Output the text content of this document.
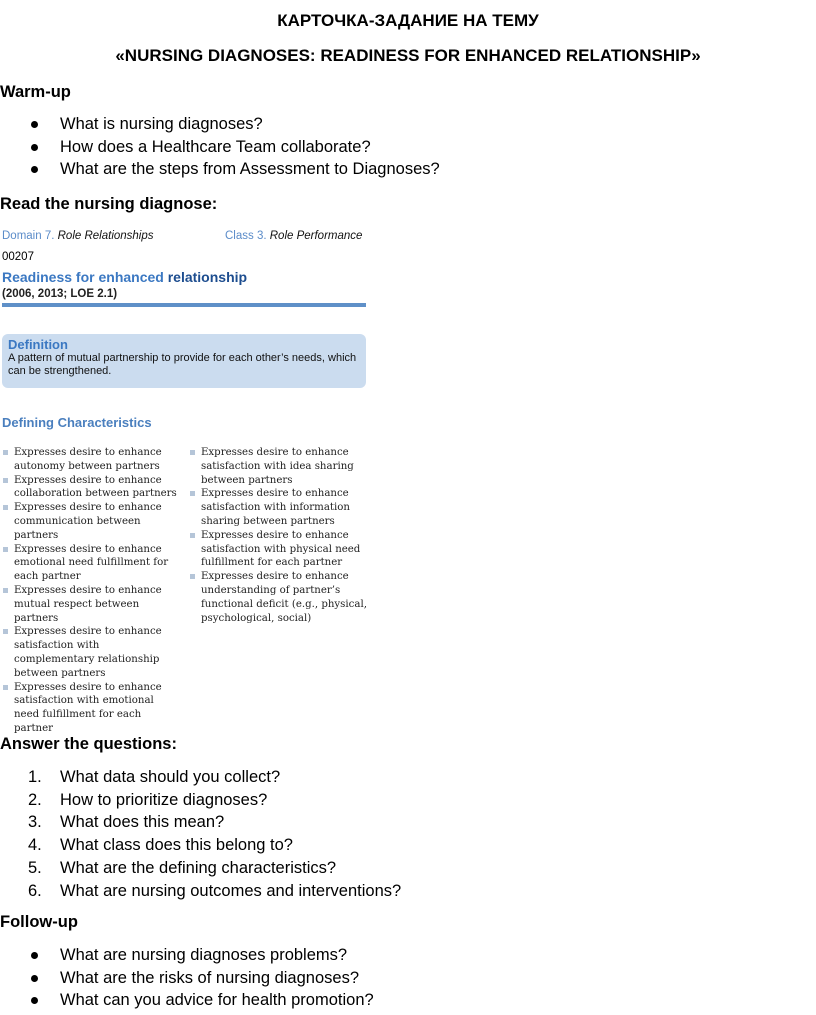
КАРТОЧКА-ЗАДАНИЕ НА ТЕМУ
«NURSING DIAGNOSES: READINESS FOR ENHANCED RELATIONSHIP»
Warm-up
What is nursing diagnoses?
How does a Healthcare Team collaborate?
What are the steps from Assessment to Diagnoses?
Read the nursing diagnose:
Domain 7. Role Relationships	Class 3. Role Performance
00207
Readiness for enhanced relationship
(2006, 2013; LOE 2.1)
Definition
A pattern of mutual partnership to provide for each other’s needs, which can be strengthened.
Defining Characteristics
Expresses desire to enhance autonomy between partners
Expresses desire to enhance collaboration between partners
Expresses desire to enhance communication between partners
Expresses desire to enhance emotional need fulfillment for each partner
Expresses desire to enhance mutual respect between partners
Expresses desire to enhance satisfaction with complementary relationship between partners
Expresses desire to enhance satisfaction with emotional need fulfillment for each partner
Expresses desire to enhance satisfaction with idea sharing between partners
Expresses desire to enhance satisfaction with information sharing between partners
Expresses desire to enhance satisfaction with physical need fulfillment for each partner
Expresses desire to enhance understanding of partner’s functional deficit (e.g., physical, psychological, social)
Answer the questions:
1. What data should you collect?
2. How to prioritize diagnoses?
3. What does this mean?
4. What class does this belong to?
5. What are the defining characteristics?
6. What are nursing outcomes and interventions?
Follow-up
What are nursing diagnoses problems?
What are the risks of nursing diagnoses?
What can you advice for health promotion?
